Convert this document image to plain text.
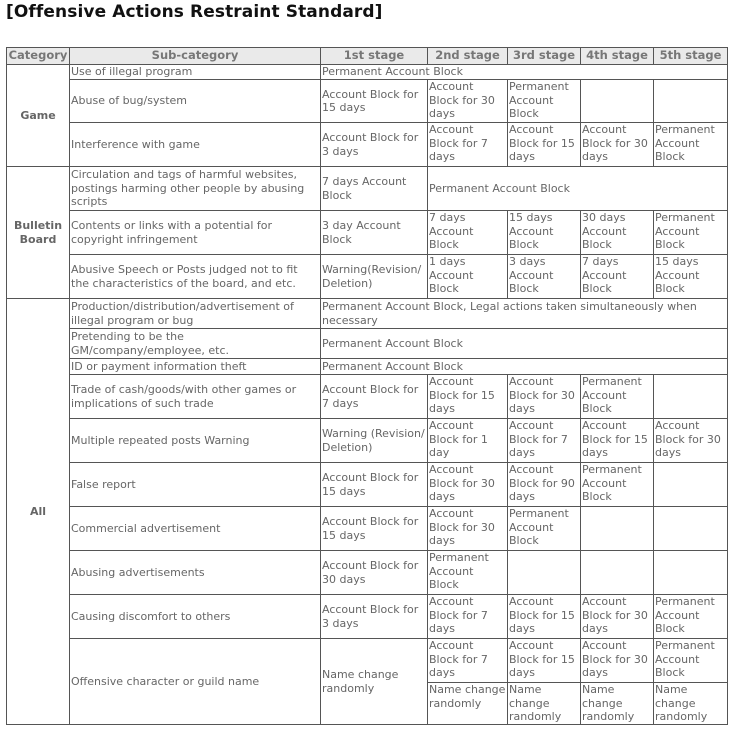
[Offensive Actions Restraint Standard]
Category	Sub-category	1st stage	2nd stage	3rd stage	4th stage	5th stage
Game	Use of illegal program	Permanent Account Block				
	Abuse of bug/system	Account Block for 15 days	Account Block for 30 days	Permanent Account Block		
	Interference with game	Account Block for 3 days	Account Block for 7 days	Account Block for 15 days	Account Block for 30 days	Permanent Account Block
Bulletin Board	Circulation and tags of harmful websites, postings harming other people by abusing scripts	7 days Account Block	Permanent Account Block			
	Contents or links with a potential for copyright infringement	3 day Account Block	7 days Account Block	15 days Account Block	30 days Account Block	Permanent Account Block
	Abusive Speech or Posts judged not to fit the characteristics of the board, and etc.	Warning(Revision/ Deletion)	1 days Account Block	3 days Account Block	7 days Account Block	15 days Account Block
All	Production/distribution/advertisement of illegal program or bug	Permanent Account Block, Legal actions taken simultaneously when necessary				
	Pretending to be the GM/company/employee, etc.	Permanent Account Block				
	ID or payment information theft	Permanent Account Block				
	Trade of cash/goods/with other games or implications of such trade	Account Block for 7 days	Account Block for 15 days	Account Block for 30 days	Permanent Account Block	
	Multiple repeated posts Warning	Warning (Revision/ Deletion)	Account Block for 1 day	Account Block for 7 days	Account Block for 15 days	Account Block for 30 days
	False report	Account Block for 15 days	Account Block for 30 days	Account Block for 90 days	Permanent Account Block	
	Commercial advertisement	Account Block for 15 days	Account Block for 30 days	Permanent Account Block		
	Abusing advertisements	Account Block for 30 days	Permanent Account Block			
	Causing discomfort to others	Account Block for 3 days	Account Block for 7 days	Account Block for 15 days	Account Block for 30 days	Permanent Account Block
	Offensive character or guild name	Name change randomly	Account Block for 7 days	Account Block for 15 days	Account Block for 30 days	Permanent Account Block
			Name change randomly	Name change randomly	Name change randomly	Name change randomly
